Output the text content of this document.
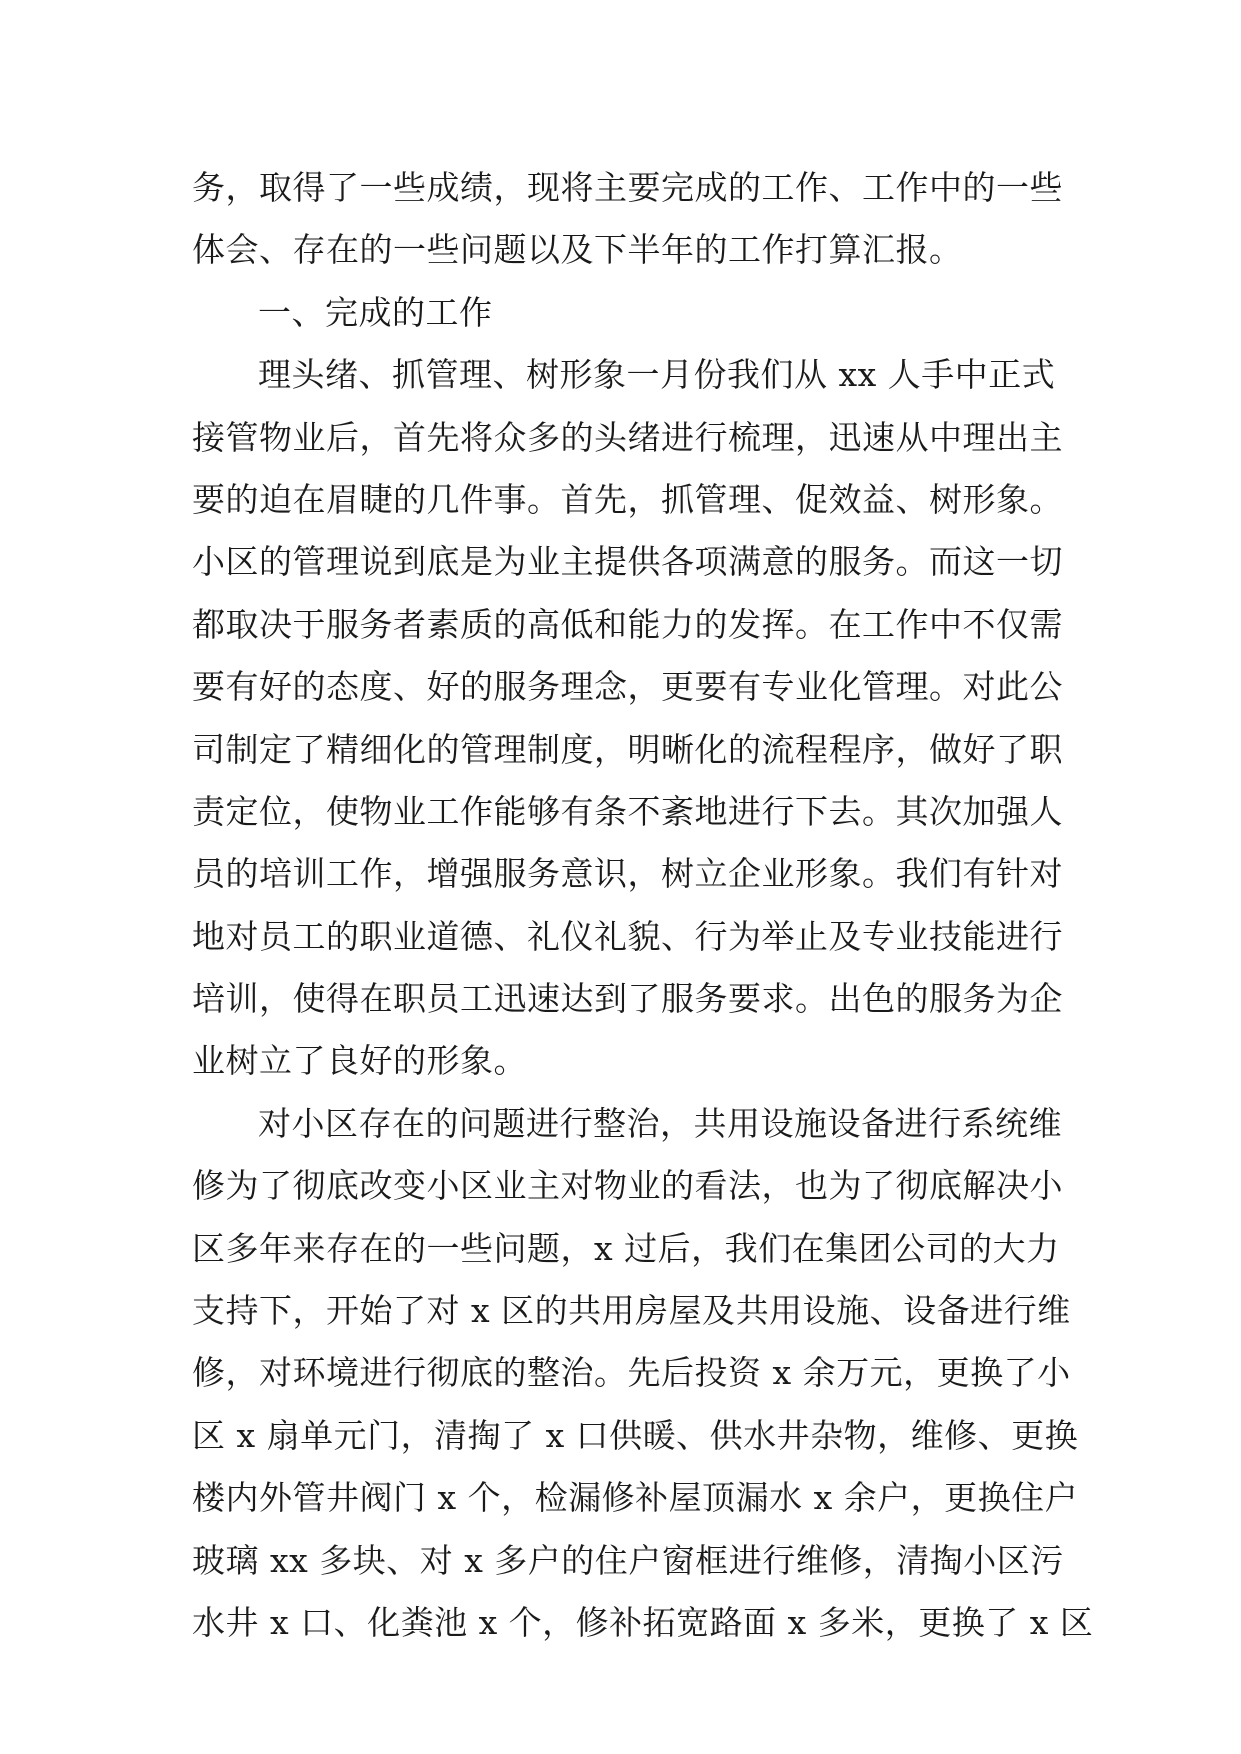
务，取得了一些成绩，现将主要完成的工作、工作中的一些
体会、存在的一些问题以及下半年的工作打算汇报。
一、完成的工作
理头绪、抓管理、树形象一月份我们从 xx 人手中正式
接管物业后，首先将众多的头绪进行梳理，迅速从中理出主
要的迫在眉睫的几件事。首先，抓管理、促效益、树形象。
小区的管理说到底是为业主提供各项满意的服务。而这一切
都取决于服务者素质的高低和能力的发挥。在工作中不仅需
要有好的态度、好的服务理念，更要有专业化管理。对此公
司制定了精细化的管理制度，明晰化的流程程序，做好了职
责定位，使物业工作能够有条不紊地进行下去。其次加强人
员的培训工作，增强服务意识，树立企业形象。我们有针对
地对员工的职业道德、礼仪礼貌、行为举止及专业技能进行
培训，使得在职员工迅速达到了服务要求。出色的服务为企
业树立了良好的形象。
对小区存在的问题进行整治，共用设施设备进行系统维
修为了彻底改变小区业主对物业的看法，也为了彻底解决小
区多年来存在的一些问题，x 过后，我们在集团公司的大力
支持下，开始了对 x 区的共用房屋及共用设施、设备进行维
修，对环境进行彻底的整治。先后投资 x 余万元，更换了小
区 x 扇单元门，清掏了 x 口供暖、供水井杂物，维修、更换
楼内外管井阀门 x 个，检漏修补屋顶漏水 x 余户，更换住户
玻璃 xx 多块、对 x 多户的住户窗框进行维修，清掏小区污
水井 x 口、化粪池 x 个，修补拓宽路面 x 多米，更换了 x 区
